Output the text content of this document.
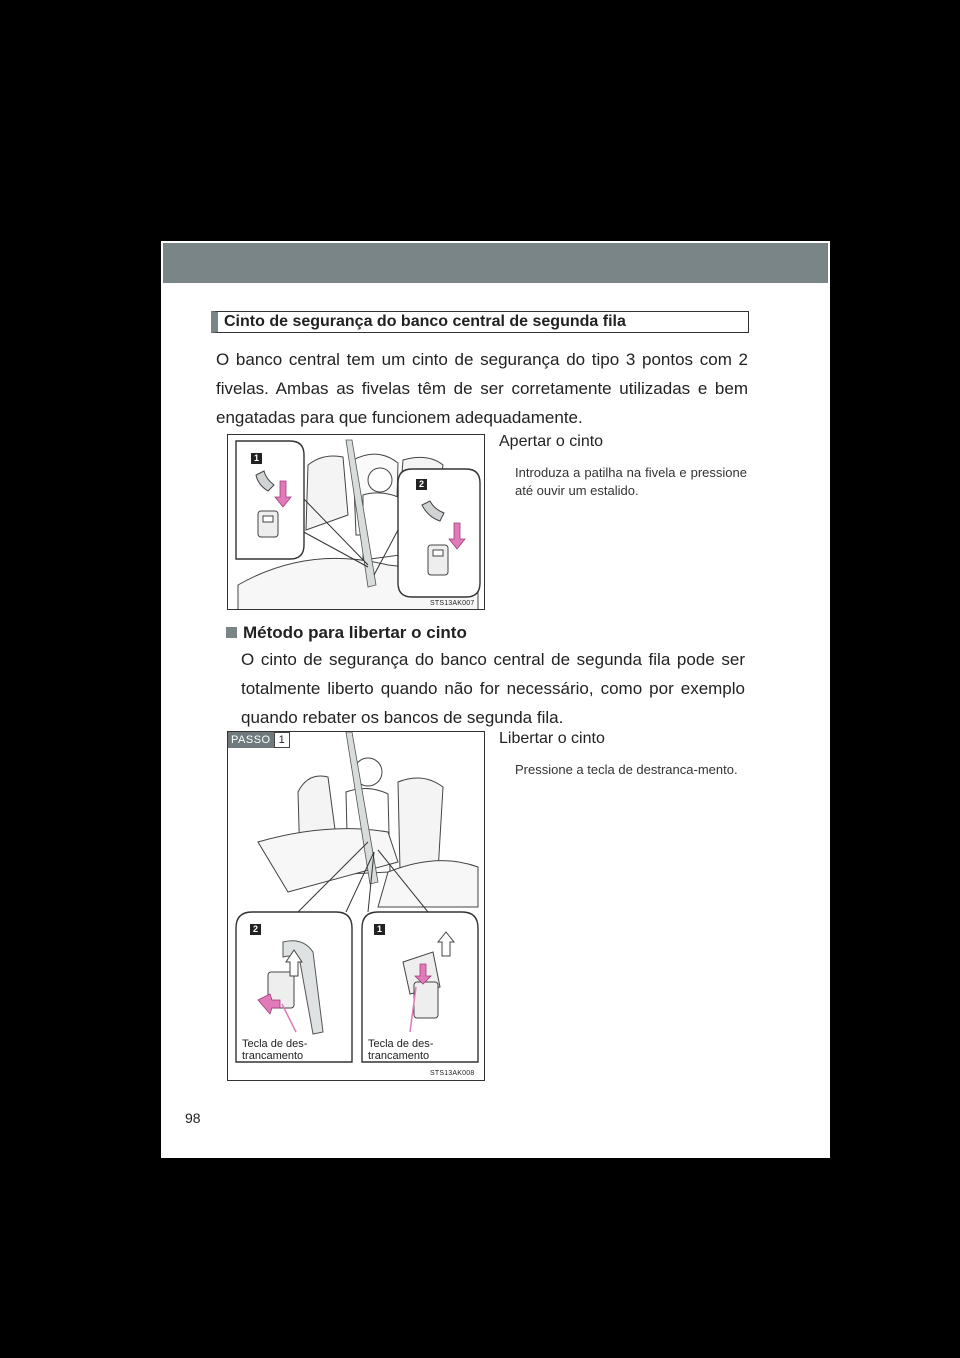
Cinto de segurança do banco central de segunda fila
O banco central tem um cinto de segurança do tipo 3 pontos com 2 fivelas. Ambas as fivelas têm de ser corretamente utilizadas e bem engatadas para que funcionem adequadamente.
1
2
STS13AK007
Apertar o cinto
Introduza a patilha na fivela e pressione até ouvir um estalido.
Método para libertar o cinto
O cinto de segurança do banco central de segunda fila pode ser totalmente liberto quando não for necessário, como por exemplo quando rebater os bancos de segunda fila.
PASSO 1
2	1
Tecla de des-
trancamento
Tecla de des-
trancamento
STS13AK008
Libertar o cinto
Pressione a tecla de destranca-mento.
98
